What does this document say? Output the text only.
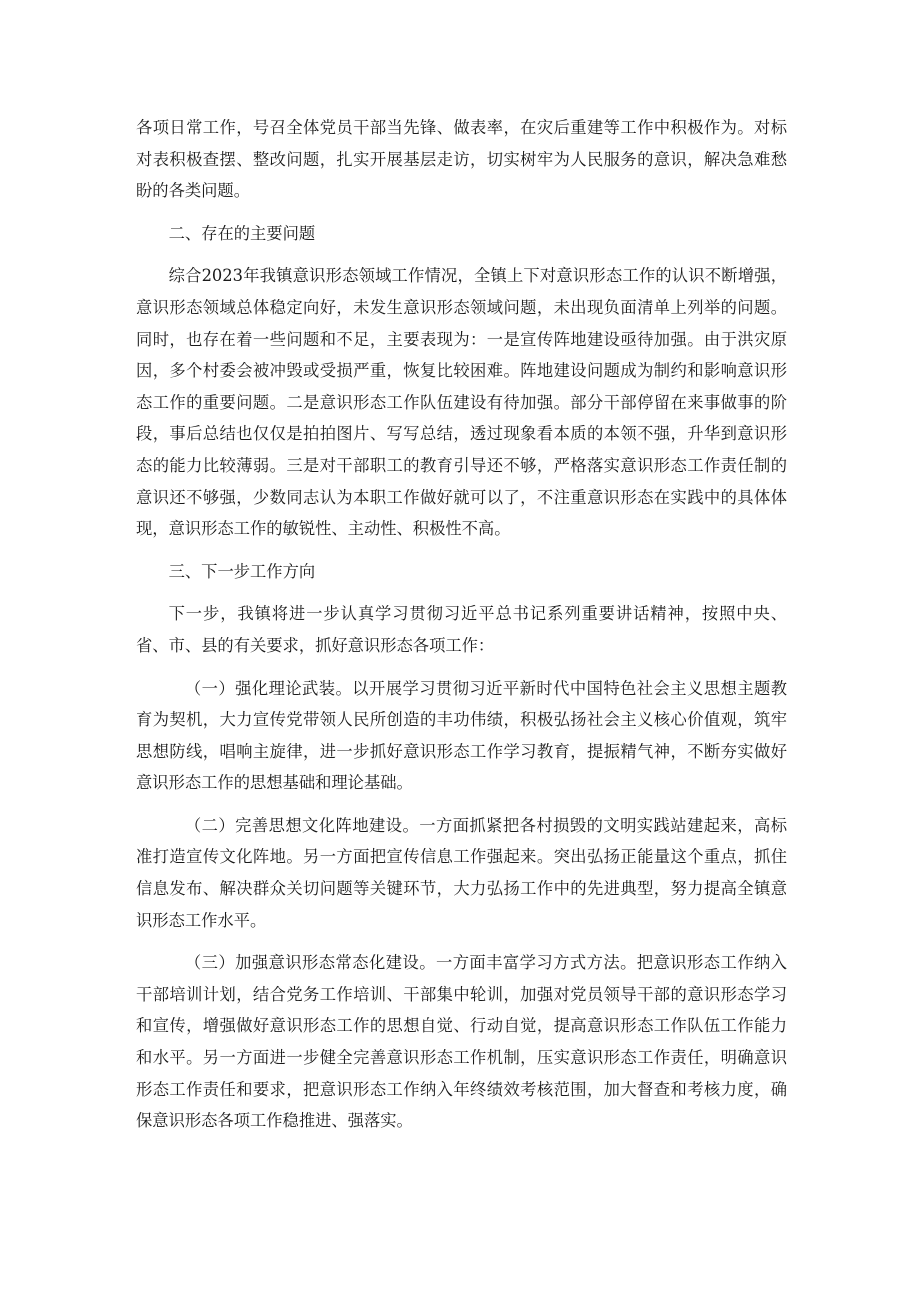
各项日常工作，号召全体党员干部当先锋、做表率，在灾后重建等工作中积极作为。对标对表积极查摆、整改问题，扎实开展基层走访，切实树牢为人民服务的意识，解决急难愁盼的各类问题。

二、存在的主要问题

综合2023年我镇意识形态领域工作情况，全镇上下对意识形态工作的认识不断增强，意识形态领域总体稳定向好，未发生意识形态领域问题，未出现负面清单上列举的问题。同时，也存在着一些问题和不足，主要表现为：一是宣传阵地建设亟待加强。由于洪灾原因，多个村委会被冲毁或受损严重，恢复比较困难。阵地建设问题成为制约和影响意识形态工作的重要问题。二是意识形态工作队伍建设有待加强。部分干部停留在来事做事的阶段，事后总结也仅仅是拍拍图片、写写总结，透过现象看本质的本领不强，升华到意识形态的能力比较薄弱。三是对干部职工的教育引导还不够，严格落实意识形态工作责任制的意识还不够强，少数同志认为本职工作做好就可以了，不注重意识形态在实践中的具体体现，意识形态工作的敏锐性、主动性、积极性不高。

三、下一步工作方向

下一步，我镇将进一步认真学习贯彻习近平总书记系列重要讲话精神，按照中央、省、市、县的有关要求，抓好意识形态各项工作：

（一）强化理论武装。以开展学习贯彻习近平新时代中国特色社会主义思想主题教育为契机，大力宣传党带领人民所创造的丰功伟绩，积极弘扬社会主义核心价值观，筑牢思想防线，唱响主旋律，进一步抓好意识形态工作学习教育，提振精气神，不断夯实做好意识形态工作的思想基础和理论基础。

（二）完善思想文化阵地建设。一方面抓紧把各村损毁的文明实践站建起来，高标准打造宣传文化阵地。另一方面把宣传信息工作强起来。突出弘扬正能量这个重点，抓住信息发布、解决群众关切问题等关键环节，大力弘扬工作中的先进典型，努力提高全镇意识形态工作水平。

（三）加强意识形态常态化建设。一方面丰富学习方式方法。把意识形态工作纳入干部培训计划，结合党务工作培训、干部集中轮训，加强对党员领导干部的意识形态学习和宣传，增强做好意识形态工作的思想自觉、行动自觉，提高意识形态工作队伍工作能力和水平。另一方面进一步健全完善意识形态工作机制，压实意识形态工作责任，明确意识形态工作责任和要求，把意识形态工作纳入年终绩效考核范围，加大督查和考核力度，确保意识形态各项工作稳推进、强落实。
